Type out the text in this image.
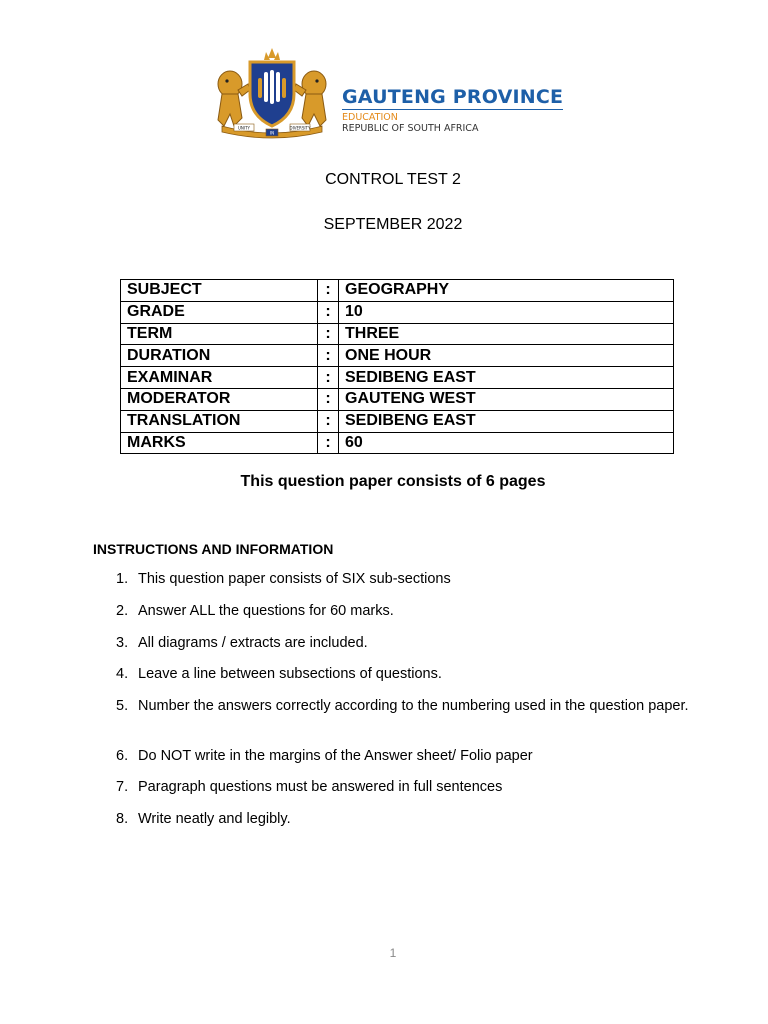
UNITY
IN
DIVERSITY
GAUTENG PROVINCE
EDUCATION
REPUBLIC OF SOUTH AFRICA
CONTROL TEST 2
SEPTEMBER 2022
SUBJECT	:	GEOGRAPHY
GRADE	:	10
TERM	:	THREE
DURATION	:	ONE HOUR
EXAMINAR	:	SEDIBENG EAST
MODERATOR	:	GAUTENG WEST
TRANSLATION	:	SEDIBENG EAST
MARKS	:	60
This question paper consists of 6 pages
INSTRUCTIONS AND INFORMATION
1. This question paper consists of SIX sub-sections
2. Answer ALL the questions for 60 marks.
3. All diagrams / extracts are included.
4. Leave a line between subsections of questions.
5. Number the answers correctly according to the numbering used in the question paper.
6. Do NOT write in the margins of the Answer sheet/ Folio paper
7. Paragraph questions must be answered in full sentences
8. Write neatly and legibly.
1
